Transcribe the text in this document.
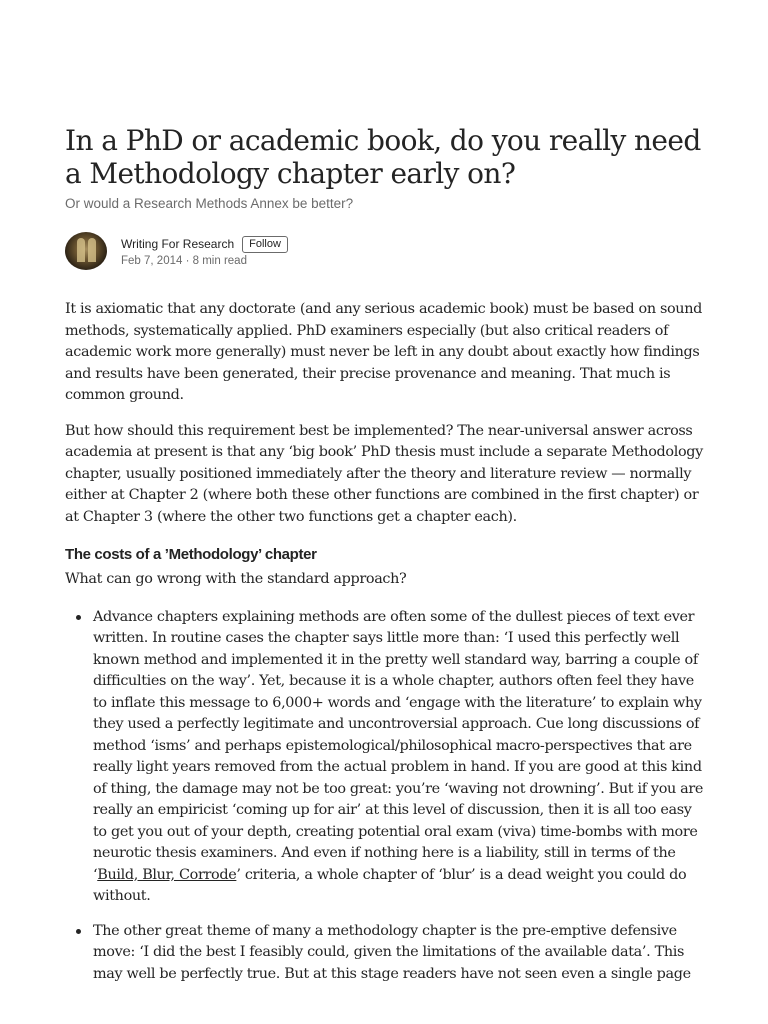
In a PhD or academic book, do you really need a Methodology chapter early on?

Or would a Research Methods Annex be better?

Writing For Research	Follow
Feb 7, 2014 · 8 min read

It is axiomatic that any doctorate (and any serious academic book) must be based on sound methods, systematically applied. PhD examiners especially (but also critical readers of academic work more generally) must never be left in any doubt about exactly how findings and results have been generated, their precise provenance and meaning. That much is common ground.

But how should this requirement best be implemented? The near-universal answer across academia at present is that any ‘big book’ PhD thesis must include a separate Methodology chapter, usually positioned immediately after the theory and literature review — normally either at Chapter 2 (where both these other functions are combined in the first chapter) or at Chapter 3 (where the other two functions get a chapter each).

The costs of a ’Methodology’ chapter

What can go wrong with the standard approach?

Advance chapters explaining methods are often some of the dullest pieces of text ever written. In routine cases the chapter says little more than: ‘I used this perfectly well known method and implemented it in the pretty well standard way, barring a couple of difficulties on the way’. Yet, because it is a whole chapter, authors often feel they have to inflate this message to 6,000+ words and ‘engage with the literature’ to explain why they used a perfectly legitimate and uncontroversial approach. Cue long discussions of method ‘isms’ and perhaps epistemological/philosophical macro-perspectives that are really light years removed from the actual problem in hand. If you are good at this kind of thing, the damage may not be too great: you’re ‘waving not drowning’. But if you are really an empiricist ‘coming up for air’ at this level of discussion, then it is all too easy to get you out of your depth, creating potential oral exam (viva) time-bombs with more neurotic thesis examiners. And even if nothing here is a liability, still in terms of the ‘Build, Blur, Corrode’ criteria, a whole chapter of ‘blur’ is a dead weight you could do without.
The other great theme of many a methodology chapter is the pre-emptive defensive move: ‘I did the best I feasibly could, given the limitations of the available data’. This may well be perfectly true. But at this stage readers have not seen even a single page
